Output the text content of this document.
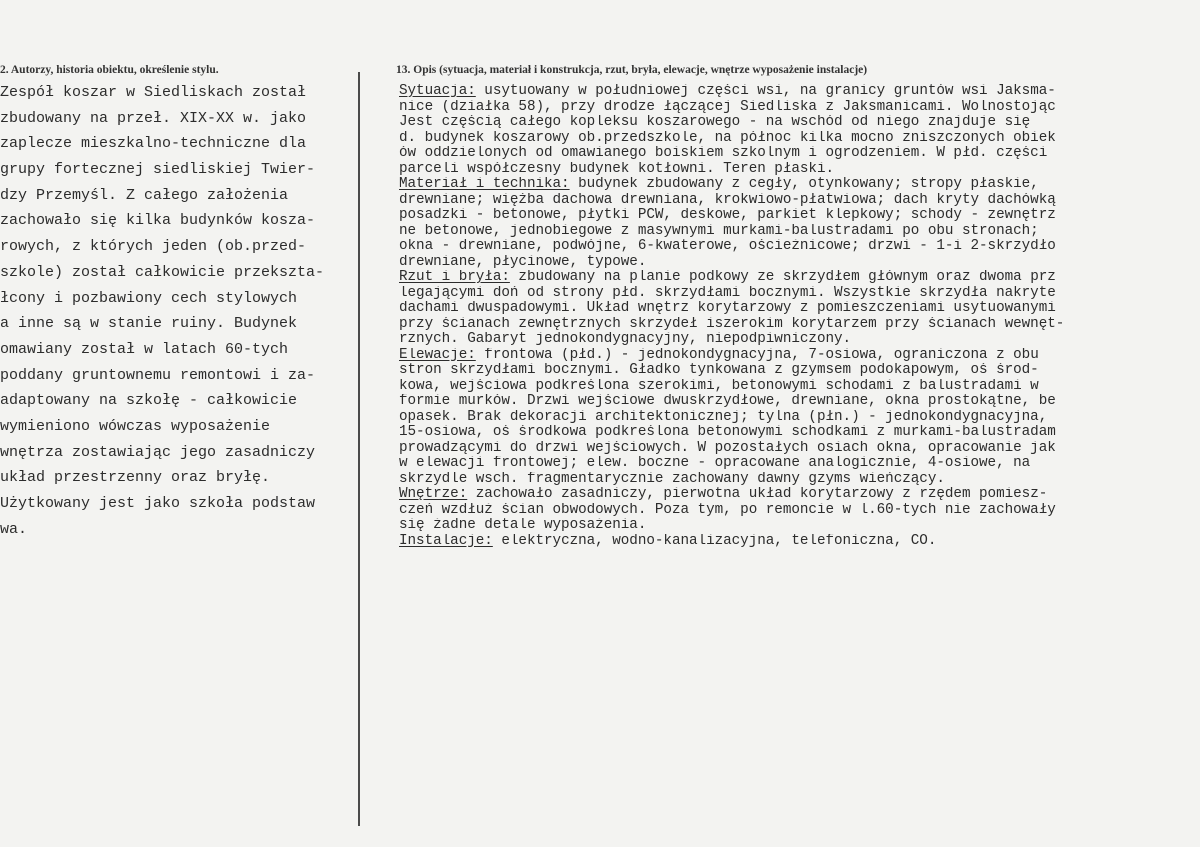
2. Autorzy, historia obiektu, określenie stylu.	13. Opis (sytuacja, materiał i konstrukcja, rzut, bryła, elewacje, wnętrze wyposażenie instalacje)
Zespół koszar w Siedliskach został
zbudowany na przeł. XIX-XX w. jako
zaplecze mieszkalno-techniczne dla
grupy fortecznej siedliskiej Twier-
dzy Przemyśl. Z całego założenia
zachowało się kilka budynków kosza-
rowych, z których jeden (ob.przed-
szkole) został całkowicie przekszta-
łcony i pozbawiony cech stylowych
a inne są w stanie ruiny. Budynek
omawiany został w latach 60-tych
poddany gruntownemu remontowi i za-
adaptowany na szkołę - całkowicie
wymieniono wówczas wyposażenie
wnętrza zostawiając jego zasadniczy
układ przestrzenny oraz bryłę.
Użytkowany jest jako szkoła podstaw
wa.
Sytuacja: usytuowany w południowej części wsi, na granicy gruntów wsi Jaksma-
nice (działka 58), przy drodze łączącej Siedliska z Jaksmanicami. Wolnostojąc
Jest częścią całego kopleksu koszarowego - na wschód od niego znajduje się
d. budynek koszarowy ob.przedszkole, na północ kilka mocno zniszczonych obiek
ów oddzielonych od omawianego boiskiem szkolnym i ogrodzeniem. W płd. części
parceli współczesny budynek kotłowni. Teren płaski.
Materiał i technika: budynek zbudowany z cegły, otynkowany; stropy płaskie,
drewniane; więźba dachowa drewniana, krokwiowo-płatwiowa; dach kryty dachówką
posadzki - betonowe, płytki PCW, deskowe, parkiet klepkowy; schody - zewnętrz
ne betonowe, jednobiegowe z masywnymi murkami-balustradami po obu stronach;
okna - drewniane, podwójne, 6-kwaterowe, ościeżnicowe; drzwi - 1-i 2-skrzydło
drewniane, płycinowe, typowe.
Rzut i bryła: zbudowany na planie podkowy ze skrzydłem głównym oraz dwoma prz
legającymi doń od strony płd. skrzydłami bocznymi. Wszystkie skrzydła nakryte
dachami dwuspadowymi. Układ wnętrz korytarzowy z pomieszczeniami usytuowanymi
przy ścianach zewnętrznych skrzydeł iszerokim korytarzem przy ścianach wewnęt-
rznych. Gabaryt jednokondygnacyjny, niepodpiwniczony.
Elewacje: frontowa (płd.) - jednokondygnacyjna, 7-osiowa, ograniczona z obu
stron skrzydłami bocznymi. Gładko tynkowana z gzymsem podokapowym, oś środ-
kowa, wejściowa podkreślona szerokimi, betonowymi schodami z balustradami w
formie murków. Drzwi wejściowe dwuskrzydłowe, drewniane, okna prostokątne, be
opasek. Brak dekoracji architektonicznej; tylna (płn.) - jednokondygnacyjna,
15-osiowa, oś środkowa podkreślona betonowymi schodkami z murkami-balustradam
prowadzącymi do drzwi wejściowych. W pozostałych osiach okna, opracowanie jak
w elewacji frontowej; elew. boczne - opracowane analogicznie, 4-osiowe, na
skrzydle wsch. fragmentarycznie zachowany dawny gzyms wieńczący.
Wnętrze: zachowało zasadniczy, pierwotna układ korytarzowy z rzędem pomiesz-
czeń wzdłuż ścian obwodowych. Poza tym, po remoncie w l.60-tych nie zachowały
się żadne detale wyposażenia.
Instalacje: elektryczna, wodno-kanalizacyjna, telefoniczna, CO.
